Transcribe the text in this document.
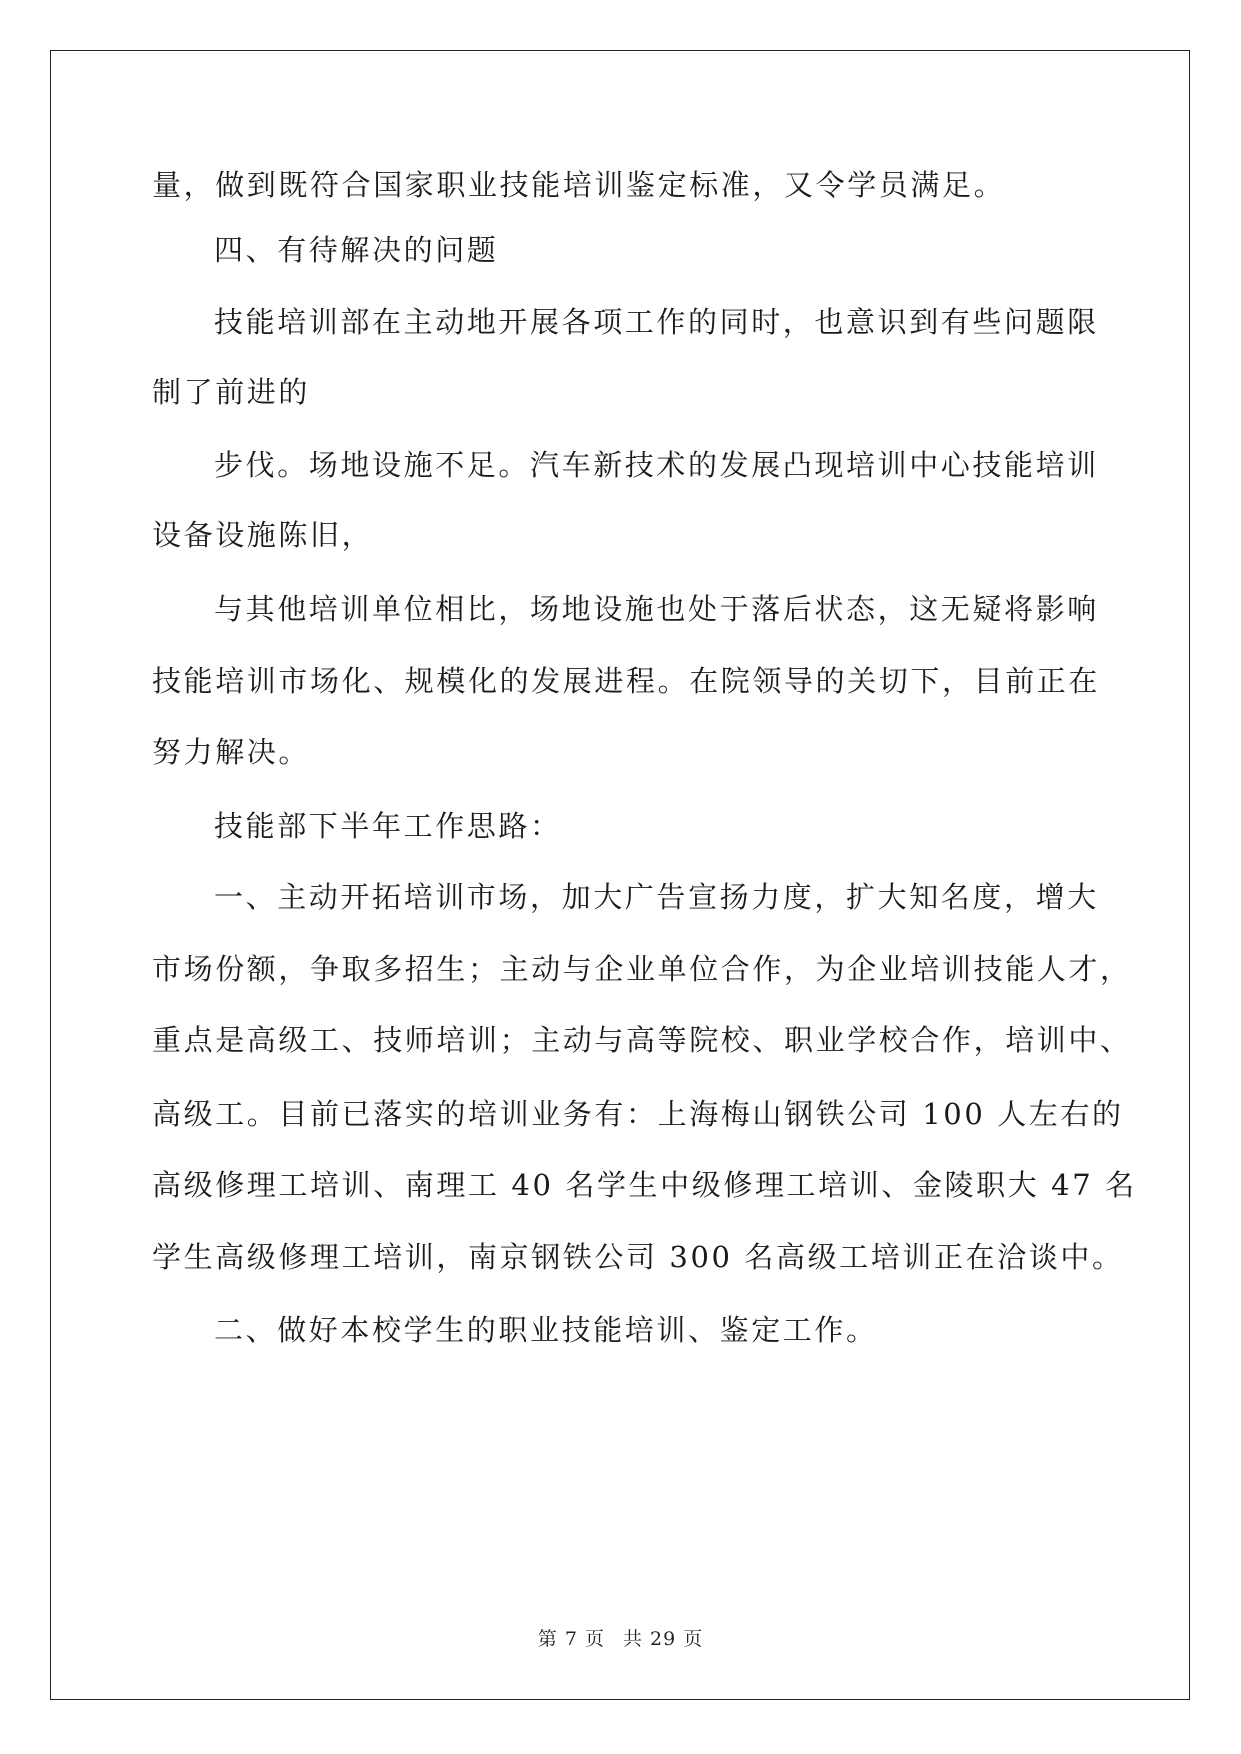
量，做到既符合国家职业技能培训鉴定标准，又令学员满足。
四、有待解决的问题
技能培训部在主动地开展各项工作的同时，也意识到有些问题限
制了前进的
步伐。场地设施不足。汽车新技术的发展凸现培训中心技能培训
设备设施陈旧，
与其他培训单位相比，场地设施也处于落后状态，这无疑将影响
技能培训市场化、规模化的发展进程。在院领导的关切下，目前正在
努力解决。
技能部下半年工作思路：
一、主动开拓培训市场，加大广告宣扬力度，扩大知名度，增大
市场份额，争取多招生；主动与企业单位合作，为企业培训技能人才，
重点是高级工、技师培训；主动与高等院校、职业学校合作，培训中、
高级工。目前已落实的培训业务有：上海梅山钢铁公司 100 人左右的
高级修理工培训、南理工 40 名学生中级修理工培训、金陵职大 47 名
学生高级修理工培训，南京钢铁公司 300 名高级工培训正在洽谈中。
二、做好本校学生的职业技能培训、鉴定工作。
第 7 页 共 29 页
